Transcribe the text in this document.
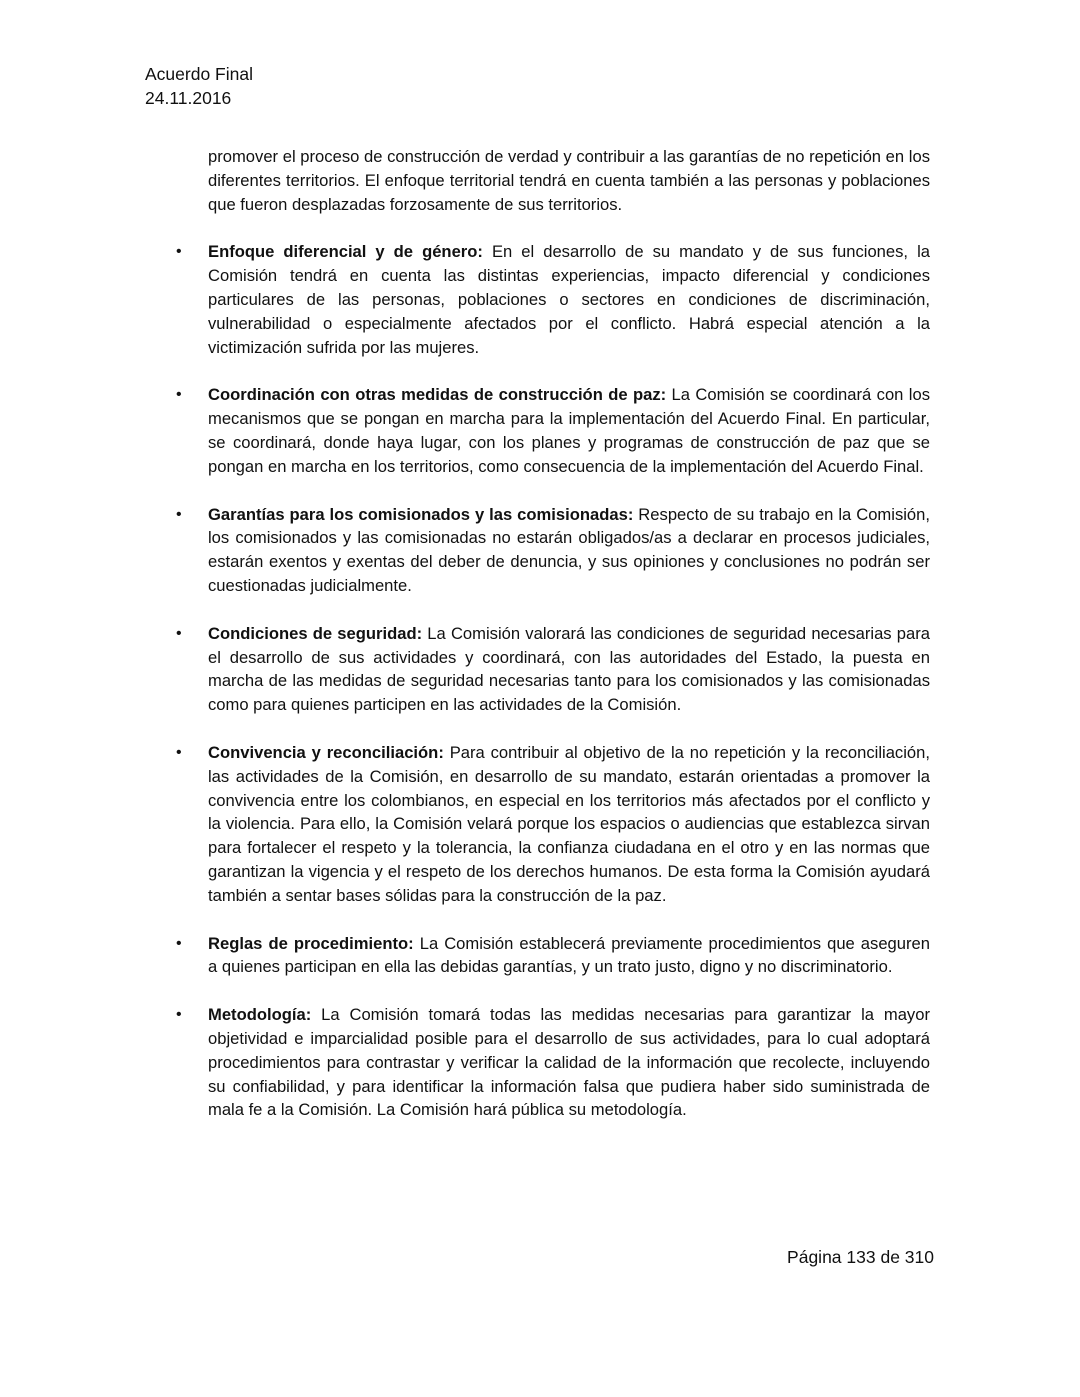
Acuerdo Final
24.11.2016

promover el proceso de construcción de verdad y contribuir a las garantías de no repetición en los diferentes territorios. El enfoque territorial tendrá en cuenta también a las personas y poblaciones que fueron desplazadas forzosamente de sus territorios.

• Enfoque diferencial y de género: En el desarrollo de su mandato y de sus funciones, la Comisión tendrá en cuenta las distintas experiencias, impacto diferencial y condiciones particulares de las personas, poblaciones o sectores en condiciones de discriminación, vulnerabilidad o especialmente afectados por el conflicto. Habrá especial atención a la victimización sufrida por las mujeres.

• Coordinación con otras medidas de construcción de paz: La Comisión se coordinará con los mecanismos que se pongan en marcha para la implementación del Acuerdo Final. En particular, se coordinará, donde haya lugar, con los planes y programas de construcción de paz que se pongan en marcha en los territorios, como consecuencia de la implementación del Acuerdo Final.

• Garantías para los comisionados y las comisionadas: Respecto de su trabajo en la Comisión, los comisionados y las comisionadas no estarán obligados/as a declarar en procesos judiciales, estarán exentos y exentas del deber de denuncia, y sus opiniones y conclusiones no podrán ser cuestionadas judicialmente.

• Condiciones de seguridad: La Comisión valorará las condiciones de seguridad necesarias para el desarrollo de sus actividades y coordinará, con las autoridades del Estado, la puesta en marcha de las medidas de seguridad necesarias tanto para los comisionados y las comisionadas como para quienes participen en las actividades de la Comisión.

• Convivencia y reconciliación: Para contribuir al objetivo de la no repetición y la reconciliación, las actividades de la Comisión, en desarrollo de su mandato, estarán orientadas a promover la convivencia entre los colombianos, en especial en los territorios más afectados por el conflicto y la violencia. Para ello, la Comisión velará porque los espacios o audiencias que establezca sirvan para fortalecer el respeto y la tolerancia, la confianza ciudadana en el otro y en las normas que garantizan la vigencia y el respeto de los derechos humanos. De esta forma la Comisión ayudará también a sentar bases sólidas para la construcción de la paz.

• Reglas de procedimiento: La Comisión establecerá previamente procedimientos que aseguren a quienes participan en ella las debidas garantías, y un trato justo, digno y no discriminatorio.

• Metodología: La Comisión tomará todas las medidas necesarias para garantizar la mayor objetividad e imparcialidad posible para el desarrollo de sus actividades, para lo cual adoptará procedimientos para contrastar y verificar la calidad de la información que recolecte, incluyendo su confiabilidad, y para identificar la información falsa que pudiera haber sido suministrada de mala fe a la Comisión. La Comisión hará pública su metodología.

Página 133 de 310
